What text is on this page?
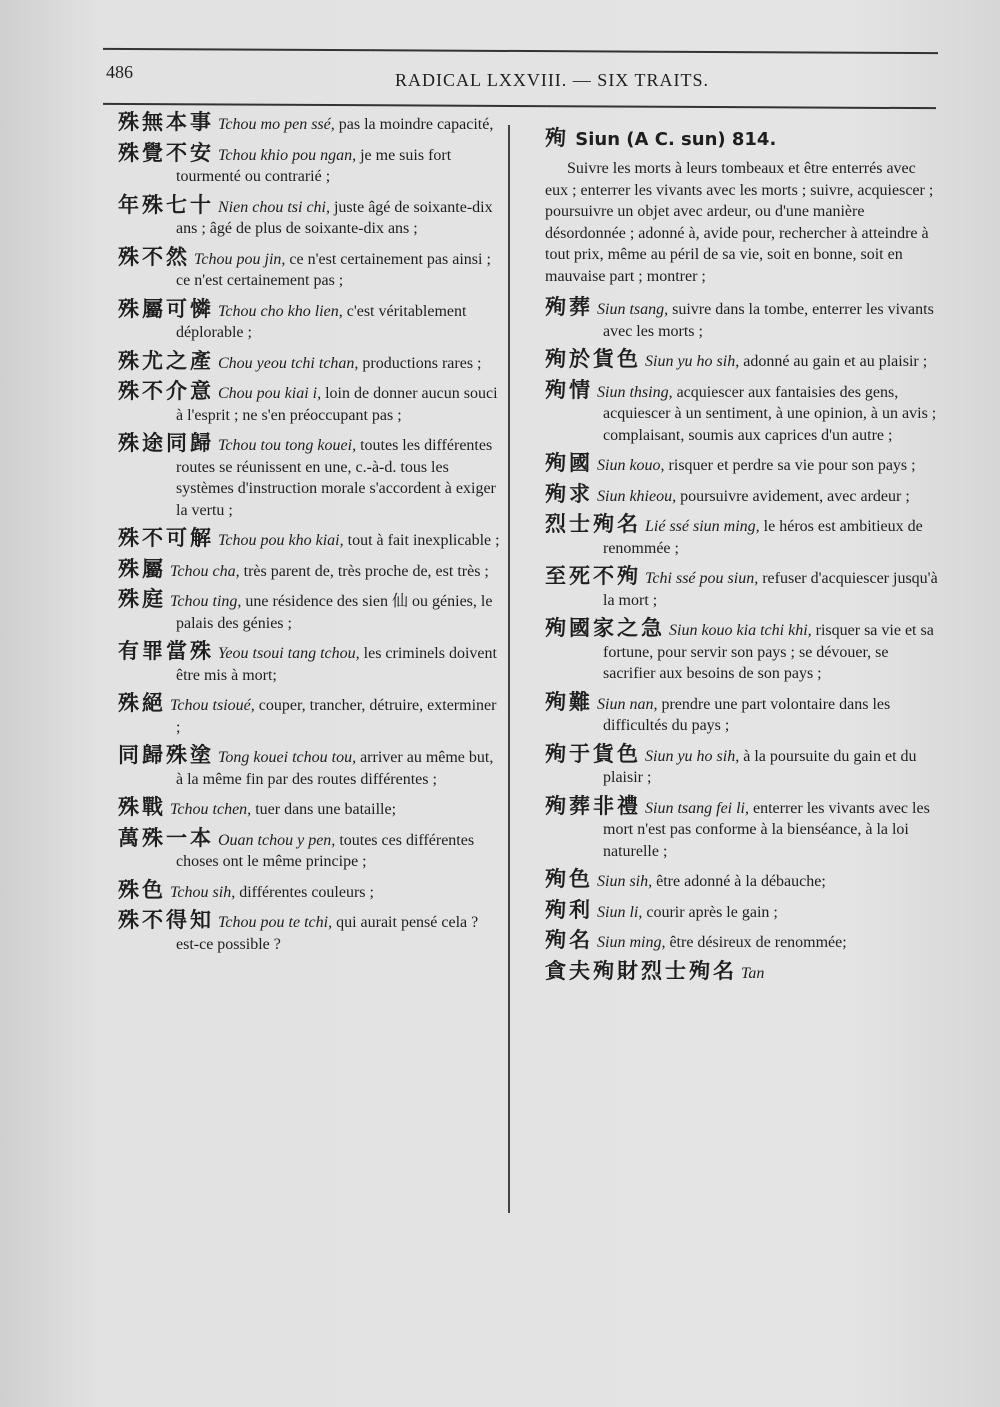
486	RADICAL LXXVIII. — SIX TRAITS.
殊無本事 Tchou mo pen ssé, pas la moindre capacité,
殊覺不安 Tchou khio pou ngan, je me suis fort tourmenté ou contrarié ;
年殊七十 Nien chou tsi chi, juste âgé de soixante-dix ans ; âgé de plus de soixante-dix ans ;
殊不然 Tchou pou jin, ce n'est certainement pas ainsi ; ce n'est certainement pas ;
殊屬可憐 Tchou cho kho lien, c'est véritablement déplorable ;
殊尤之產 Chou yeou tchi tchan, productions rares ;
殊不介意 Chou pou kiai i, loin de donner aucun souci à l'esprit ; ne s'en préoccupant pas ;
殊途同歸 Tchou tou tong kouei, toutes les différentes routes se réunissent en une, c.-à-d. tous les systèmes d'instruction morale s'accordent à exiger la vertu ;
殊不可解 Tchou pou kho kiai, tout à fait inexplicable ;
殊屬 Tchou cha, très parent de, très proche de, est très ;
殊庭 Tchou ting, une résidence des sien 仙 ou génies, le palais des génies ;
有罪當殊 Yeou tsoui tang tchou, les criminels doivent être mis à mort;
殊絕 Tchou tsioué, couper, trancher, détruire, exterminer ;
同歸殊塗 Tong kouei tchou tou, arriver au même but, à la même fin par des routes différentes ;
殊戰 Tchou tchen, tuer dans une bataille;
萬殊一本 Ouan tchou y pen, toutes ces différentes choses ont le même principe ;
殊色 Tchou sih, différentes couleurs ;
殊不得知 Tchou pou te tchi, qui aurait pensé cela ? est-ce possible ?
殉 Siun (A C. sun) 814.
Suivre les morts à leurs tombeaux et être enterrés avec eux ; enterrer les vivants avec les morts ; suivre, acquiescer ; poursuivre un objet avec ardeur, ou d'une manière désordonnée ; adonné à, avide pour, rechercher à atteindre à tout prix, même au péril de sa vie, soit en bonne, soit en mauvaise part ; montrer ;
殉葬 Siun tsang, suivre dans la tombe, enterrer les vivants avec les morts ;
殉於貨色 Siun yu ho sih, adonné au gain et au plaisir ;
殉情 Siun thsing, acquiescer aux fantaisies des gens, acquiescer à un sentiment, à une opinion, à un avis ; complaisant, soumis aux caprices d'un autre ;
殉國 Siun kouo, risquer et perdre sa vie pour son pays ;
殉求 Siun khieou, poursuivre avidement, avec ardeur ;
烈士殉名 Lié ssé siun ming, le héros est ambitieux de renommée ;
至死不殉 Tchi ssé pou siun, refuser d'acquiescer jusqu'à la mort ;
殉國家之急 Siun kouo kia tchi khi, risquer sa vie et sa fortune, pour servir son pays ; se dévouer, se sacrifier aux besoins de son pays ;
殉難 Siun nan, prendre une part volontaire dans les difficultés du pays ;
殉于貨色 Siun yu ho sih, à la poursuite du gain et du plaisir ;
殉葬非禮 Siun tsang fei li, enterrer les vivants avec les mort n'est pas conforme à la bienséance, à la loi naturelle ;
殉色 Siun sih, être adonné à la débauche;
殉利 Siun li, courir après le gain ;
殉名 Siun ming, être désireux de renommée;
貪夫殉財烈士殉名 Tan
